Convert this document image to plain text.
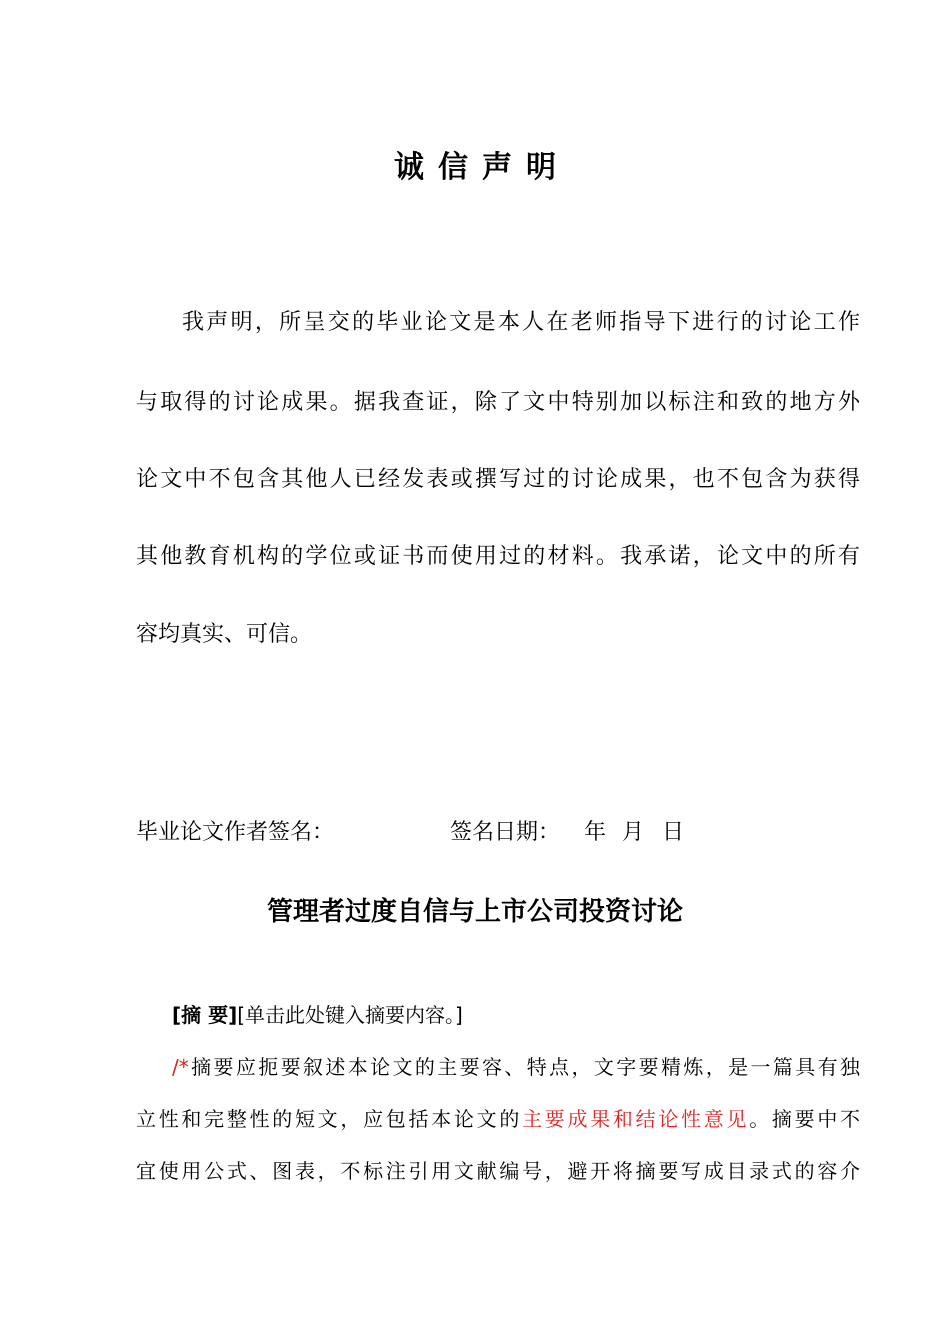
诚信声明
我声明，所呈交的毕业论文是本人在老师指导下进行的讨论工作
与取得的讨论成果。据我查证，除了文中特别加以标注和致的地方外
论文中不包含其他人已经发表或撰写过的讨论成果，也不包含为获得
其他教育机构的学位或证书而使用过的材料。我承诺，论文中的所有
容均真实、可信。
毕业论文作者签名：	签名日期： 年 月 日
管理者过度自信与上市公司投资讨论
[摘 要][单击此处键入摘要内容。]
/*摘要应扼要叙述本论文的主要容、特点，文字要精炼，是一篇具有独
立性和完整性的短文，应包括本论文的主要成果和结论性意见。摘要中不
宜使用公式、图表，不标注引用文献编号，避开将摘要写成目录式的容介
